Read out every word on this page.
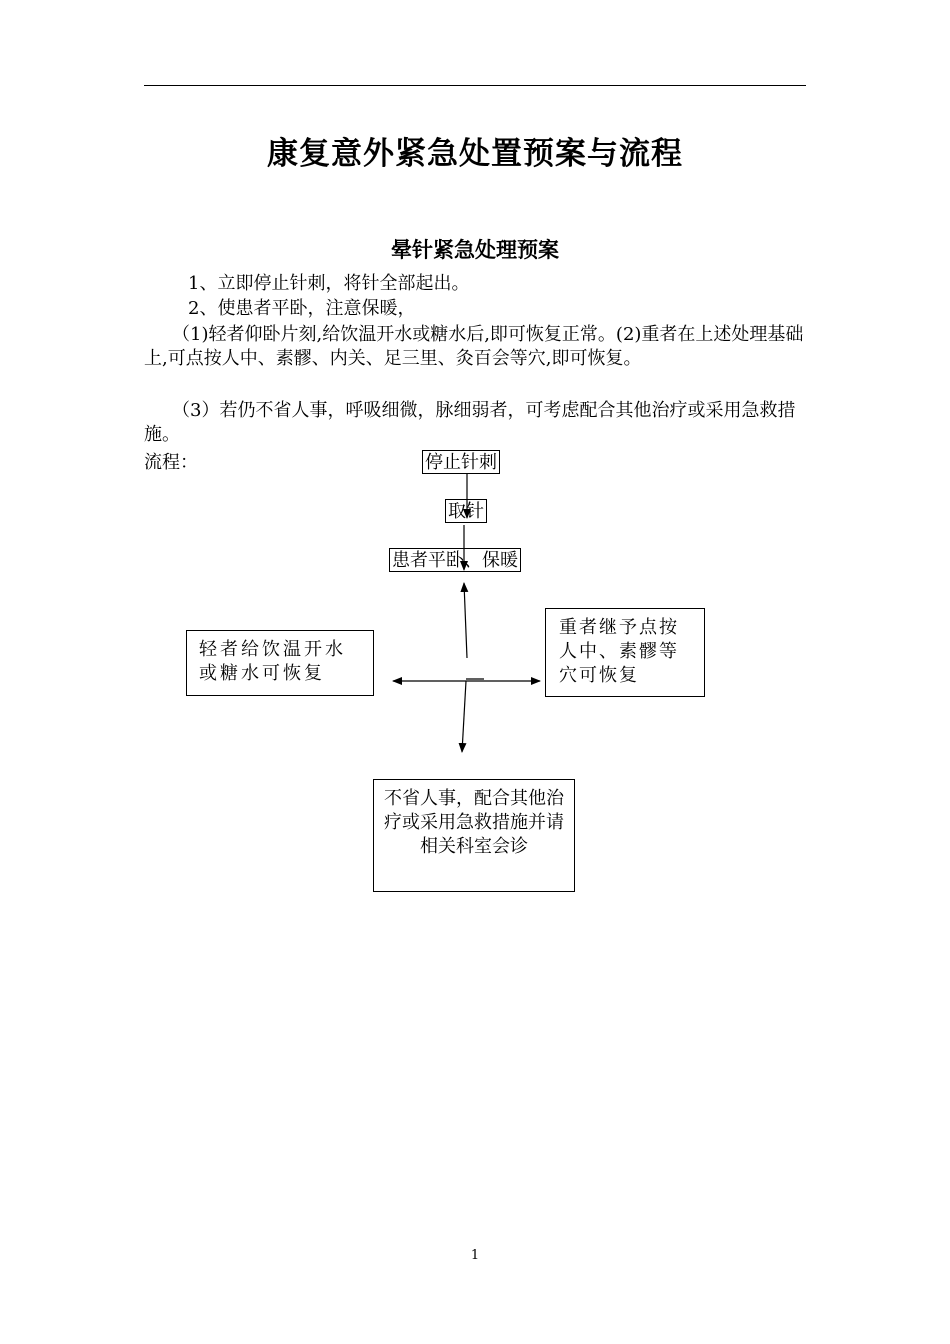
康复意外紧急处置预案与流程
晕针紧急处理预案
1、立即停止针刺，将针全部起出。
2、使患者平卧，注意保暖，

（1)轻者仰卧片刻,给饮温开水或糖水后,即可恢复正常。(2)重者在上述处理基础上,可点按人中、素髎、内关、足三里、灸百会等穴,即可恢复。

（3）若仍不省人事，呼吸细微，脉细弱者，可考虑配合其他治疗或采用急救措施。

流程：	停止针刺
取针
患者平卧、保暖
轻者给饮温开水或糖水可恢复
重者继予点按人中、素髎等穴可恢复
不省人事，配合其他治疗或采用急救措施并请相关科室会诊
1
